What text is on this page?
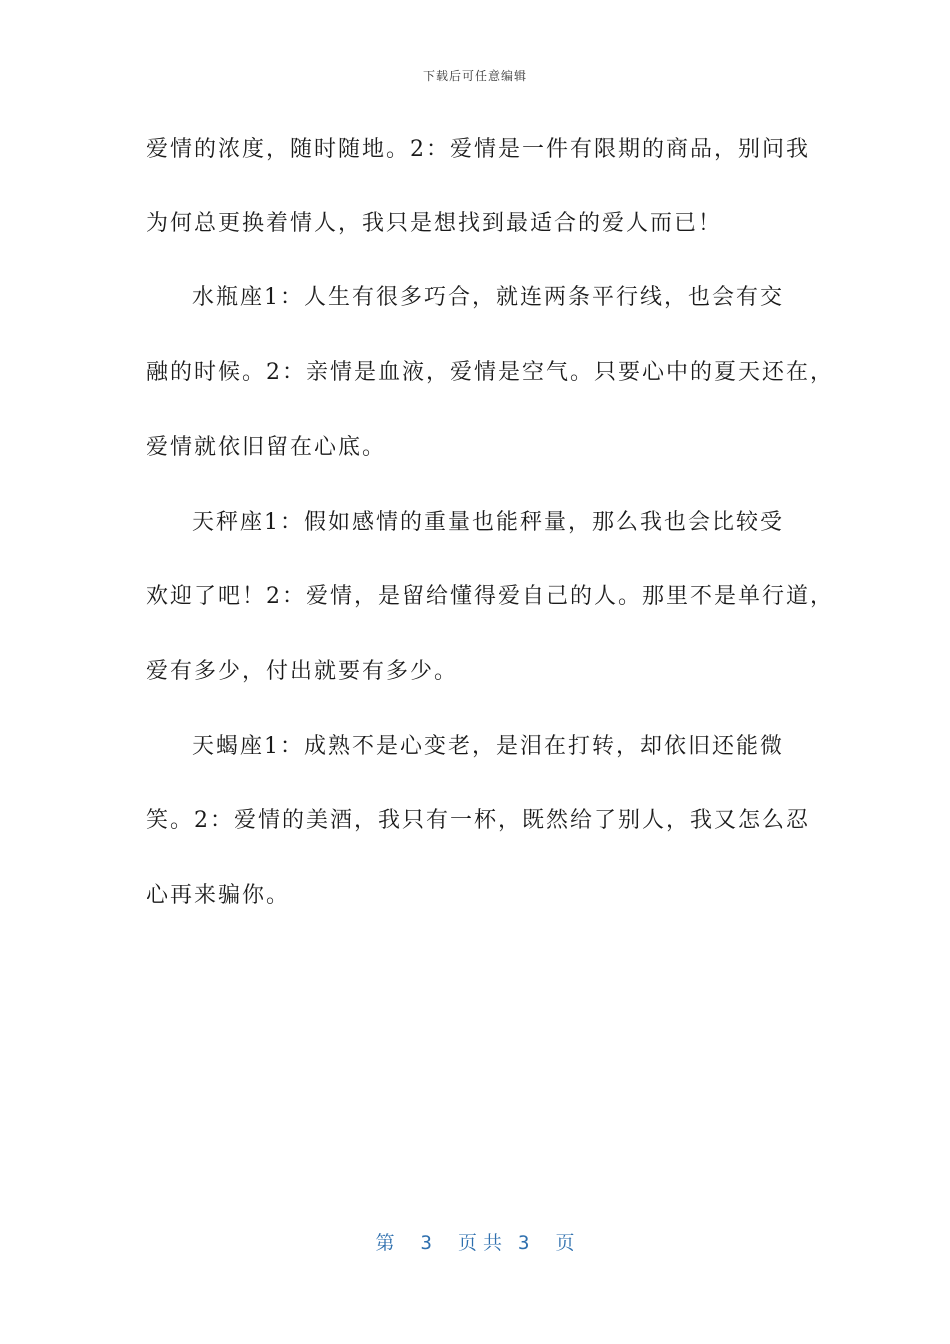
下载后可任意编辑
爱情的浓度，随时随地。2：爱情是一件有限期的商品，别问我
为何总更换着情人，我只是想找到最适合的爱人而已！
水瓶座1：人生有很多巧合，就连两条平行线，也会有交
融的时候。2：亲情是血液，爱情是空气。只要心中的夏天还在，
爱情就依旧留在心底。
天秤座1：假如感情的重量也能秤量，那么我也会比较受
欢迎了吧！2：爱情，是留给懂得爱自己的人。那里不是单行道，
爱有多少，付出就要有多少。
天蝎座1：成熟不是心变老，是泪在打转，却依旧还能微
笑。2：爱情的美酒，我只有一杯，既然给了别人，我又怎么忍
心再来骗你。
第 3 页 共 3 页
